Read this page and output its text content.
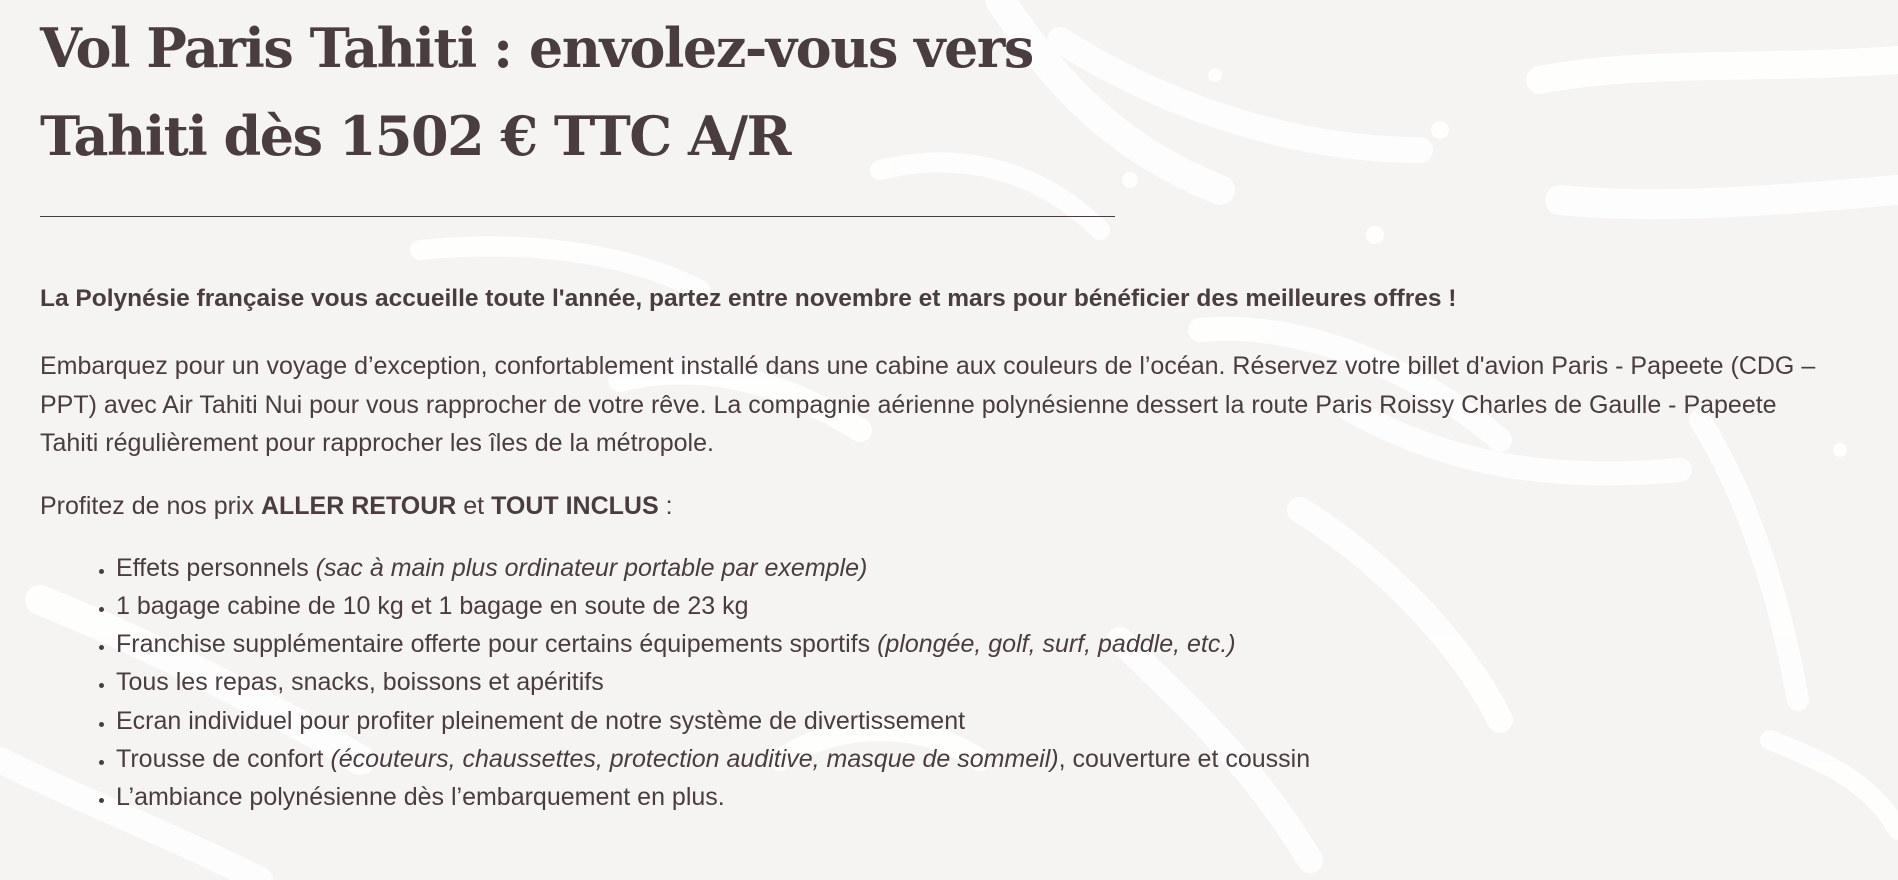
Vol Paris Tahiti : envolez-vous vers
Tahiti dès 1502 € TTC A/R

La Polynésie française vous accueille toute l'année, partez entre novembre et mars pour bénéficier des meilleures offres !

Embarquez pour un voyage d’exception, confortablement installé dans une cabine aux couleurs de l’océan. Réservez votre billet d'avion Paris - Papeete (CDG – PPT) avec Air Tahiti Nui pour vous rapprocher de votre rêve. La compagnie aérienne polynésienne dessert la route Paris Roissy Charles de Gaulle - Papeete Tahiti régulièrement pour rapprocher les îles de la métropole.

Profitez de nos prix ALLER RETOUR et TOUT INCLUS :

• Effets personnels (sac à main plus ordinateur portable par exemple)
• 1 bagage cabine de 10 kg et 1 bagage en soute de 23 kg
• Franchise supplémentaire offerte pour certains équipements sportifs (plongée, golf, surf, paddle, etc.)
• Tous les repas, snacks, boissons et apéritifs
• Ecran individuel pour profiter pleinement de notre système de divertissement
• Trousse de confort (écouteurs, chaussettes, protection auditive, masque de sommeil), couverture et coussin
• L’ambiance polynésienne dès l’embarquement en plus.
